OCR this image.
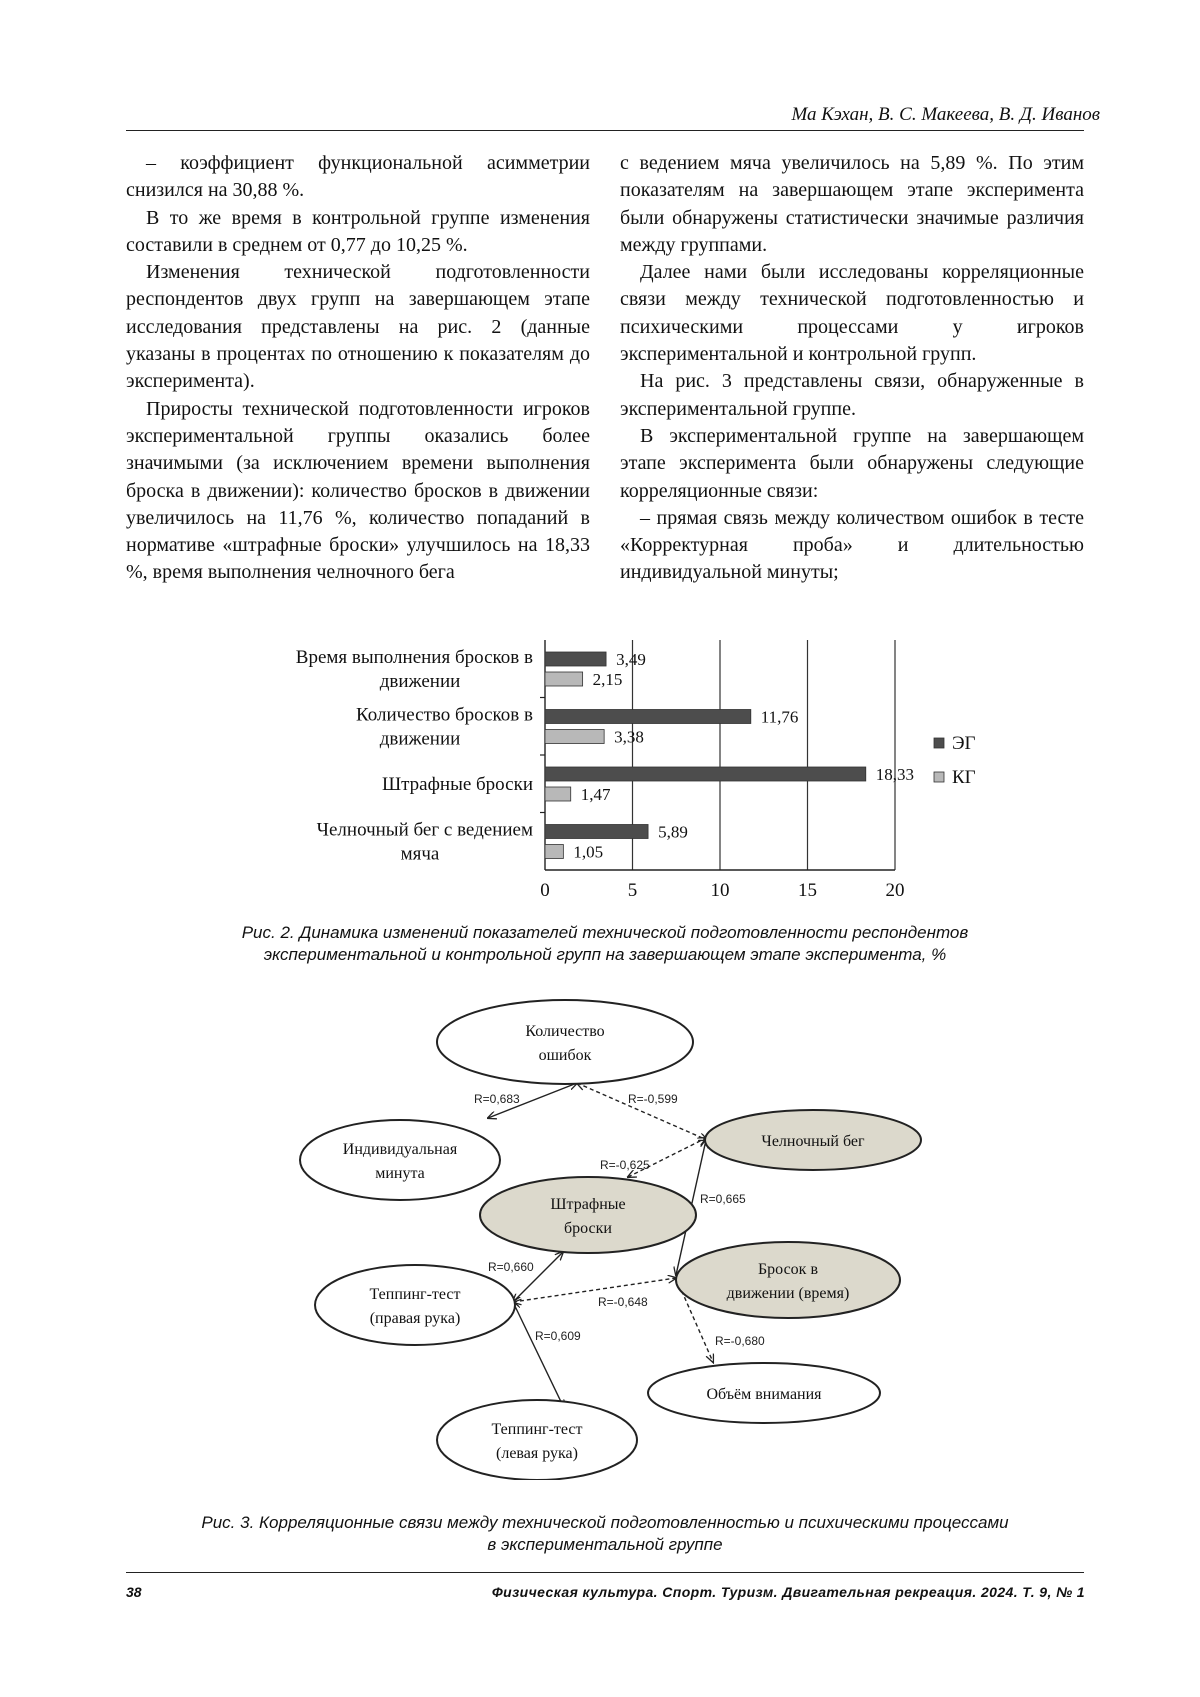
Ма Кэхан, В. С. Макеева, В. Д. Иванов

– коэффициент функциональной асимметрии снизился на 30,88 %.

В то же время в контрольной группе изменения составили в среднем от 0,77 до 10,25 %.

Изменения технической подготовленности респондентов двух групп на завершающем этапе исследования представлены на рис. 2 (данные указаны в процентах по отношению к показателям до эксперимента).

Приросты технической подготовленности игроков экспериментальной группы оказались более значимыми (за исключением времени выполнения броска в движении): количество бросков в движении увеличилось на 11,76 %, количество попаданий в нормативе «штрафные броски» улучшилось на 18,33 %, время выполнения челночного бега

с ведением мяча увеличилось на 5,89 %. По этим показателям на завершающем этапе эксперимента были обнаружены статистически значимые различия между группами.

Далее нами были исследованы корреляционные связи между технической подготовленностью и психическими процессами у игроков экспериментальной и контрольной групп.

На рис. 3 представлены связи, обнаруженные в экспериментальной группе.

В экспериментальной группе на завершающем этапе эксперимента были обнаружены следующие корреляционные связи:

– прямая связь между количеством ошибок в тесте «Корректурная проба» и длительностью индивидуальной минуты;

0	5	10	15	20
3,49
2,15
Время выполнения бросков в
движении
11,76
3,38
Количество бросков в
движении
18,33
1,47
Штрафные броски
5,89
1,05
Челночный бег с ведением
мяча
ЭГ
КГ
Рис. 2. Динамика изменений показателей технической подготовленности респондентов
экспериментальной и контрольной групп на завершающем этапе эксперимента, %
R=0,683	R=-0,599
R=-0,625
R=0,665
R=0,660
R=-0,648
R=0,609	R=-0,680
Количество
ошибок
Индивидуальная
минута
Челночный бег
Штрафные
броски
Бросок в
движении (время)
Теппинг-тест
(правая рука)
Объём внимания
Теппинг-тест
(левая рука)
Рис. 3. Корреляционные связи между технической подготовленностью и психическими процессами
в экспериментальной группе
38	Физическая культура. Спорт. Туризм. Двигательная рекреация. 2024. Т. 9, № 1
